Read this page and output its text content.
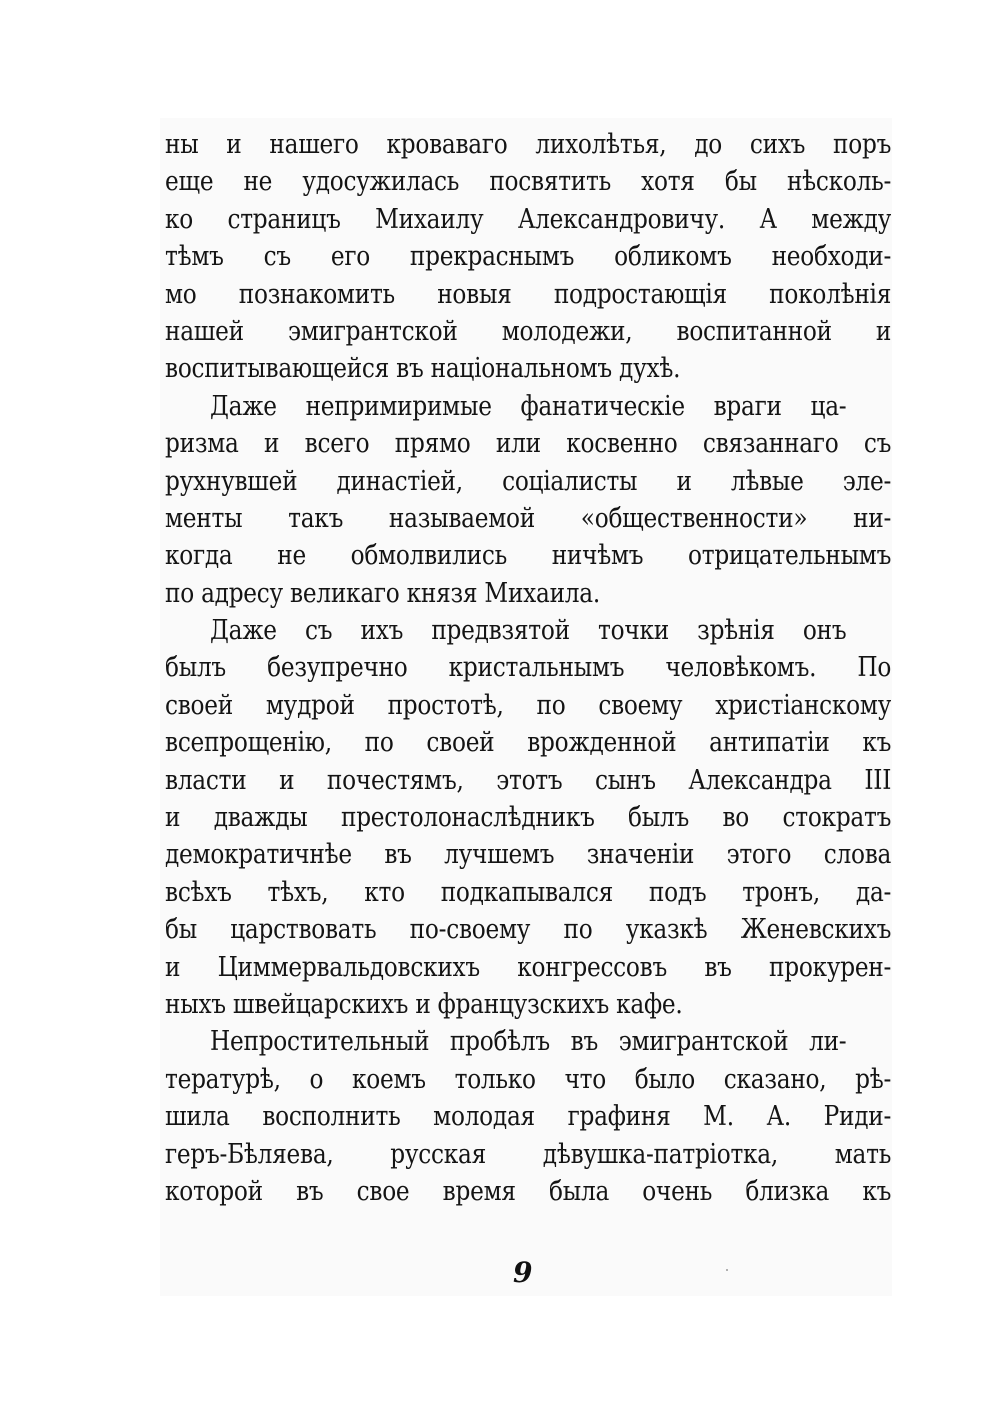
ны и нашего кроваваго лихолѣтья, до сихъ поръ
еще не удосужилась посвятить хотя бы нѣсколь-
ко страницъ Михаилу Александровичу. А между
тѣмъ съ его прекраснымъ обликомъ необходи-
мо познакомить новыя подростающія поколѣнія
нашей эмигрантской молодежи, воспитанной и
воспитывающейся въ національномъ духѣ.
Даже непримиримые фанатическіе враги ца-
ризма и всего прямо или косвенно связаннаго съ
рухнувшей династіей, соціалисты и лѣвые эле-
менты такъ называемой «общественности» ни-
когда не обмолвились ничѣмъ отрицательнымъ
по адресу великаго князя Михаила.
Даже съ ихъ предвзятой точки зрѣнія онъ
былъ безупречно кристальнымъ человѣкомъ. По
своей мудрой простотѣ, по своему христіанскому
всепрощенію, по своей врожденной антипатіи къ
власти и почестямъ, этотъ сынъ Александра III
и дважды престолонаслѣдникъ былъ во стократъ
демократичнѣе въ лучшемъ значеніи этого слова
всѣхъ тѣхъ, кто подкапывался подъ тронъ, да-
бы царствовать по-своему по указкѣ Женевскихъ
и Циммервальдовскихъ конгрессовъ въ прокурен-
ныхъ швейцарскихъ и французскихъ кафе.
Непростительный пробѣлъ въ эмигрантской ли-
тературѣ, о коемъ только что было сказано, рѣ-
шила восполнить молодая графиня М. А. Риди-
геръ-Бѣляева, русская дѣвушка-патріотка, мать
которой въ свое время была очень близка къ
9
